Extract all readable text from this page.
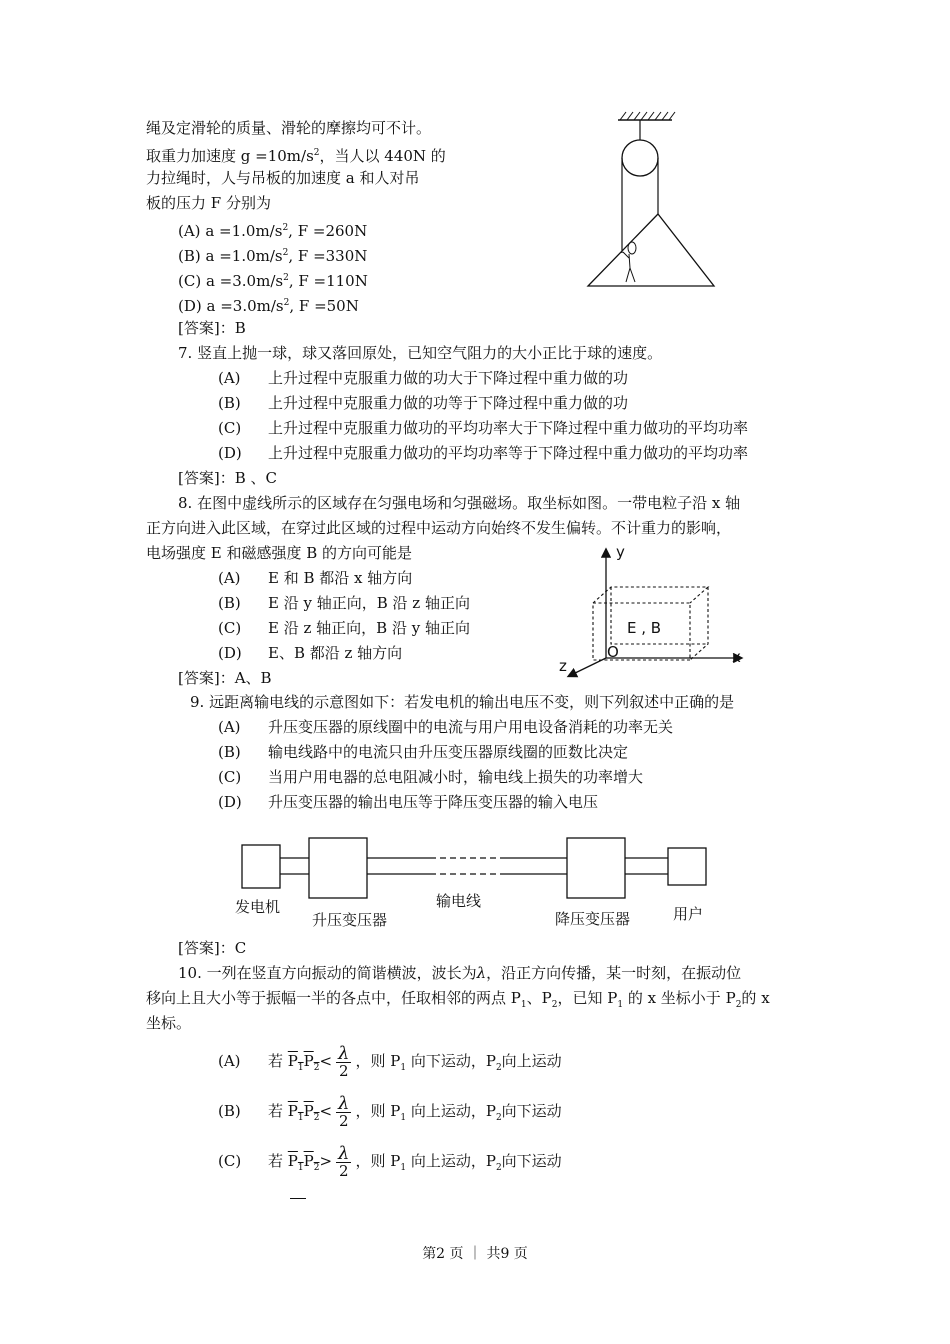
绳及定滑轮的质量、滑轮的摩擦均可不计。
取重力加速度 $g =10m/s^2$，当人以 440N 的
力拉绳时，人与吊板的加速度 a 和人对吊
板的压力 F 分别为
(A) $a =1.0m/s^2$, F =260N
(B) $a =1.0m/s^2$, F =330N
(C) $a =3.0m/s^2$, F =110N
(D) $a =3.0m/s^2$, F =50N
[答案]：B
7. 竖直上抛一球，球又落回原处，已知空气阻力的大小正比于球的速度。
(A) 上升过程中克服重力做的功大于下降过程中重力做的功
(B) 上升过程中克服重力做的功等于下降过程中重力做的功
(C) 上升过程中克服重力做功的平均功率大于下降过程中重力做功的平均功率
(D) 上升过程中克服重力做功的平均功率等于下降过程中重力做功的平均功率
[答案]：B 、C
8. 在图中虚线所示的区域存在匀强电场和匀强磁场。取坐标如图。一带电粒子沿 x 轴
正方向进入此区域，在穿过此区域的过程中运动方向始终不发生偏转。不计重力的影响，
电场强度 E 和磁感强度 B 的方向可能是
(A) E 和 B 都沿 x 轴方向
(B) E 沿 y 轴正向，B 沿 z 轴正向
(C) E 沿 z 轴正向，B 沿 y 轴正向
(D) E、B 都沿 z 轴方向
[答案]：A、B
y
x
z
O
E , B
9. 远距离输电线的示意图如下：若发电机的输出电压不变，则下列叙述中正确的是
(A) 升压变压器的原线圈中的电流与用户用电设备消耗的功率无关
(B) 输电线路中的电流只由升压变压器原线圈的匝数比决定
(C) 当用户用电器的总电阻减小时，输电线上损失的功率增大
(D) 升压变压器的输出电压等于降压变压器的输入电压
发电机
升压变压器
输电线
降压变压器	用户
[答案]：C
10. 一列在竖直方向振动的简谐横波，波长为λ，沿正方向传播，某一时刻，在振动位
移向上且大小等于振幅一半的各点中，任取相邻的两点 $P_1$、$P_2$，已知 $P_1$ 的 x 坐标小于 $P_2$的 x
坐标。
(A) 若 $P_1P_2< \frac{\lambda}{2}$ ，则 $P_1$ 向下运动，$P_2$向上运动
(B) 若 $P_1P_2< \frac{\lambda}{2}$ ，则 $P_1$ 向上运动，$P_2$向下运动
(C) 若 $P_1P_2> \frac{\lambda}{2}$ ，则 $P_1$ 向上运动，$P_2$向下运动
第2 页 ｜ 共9 页
